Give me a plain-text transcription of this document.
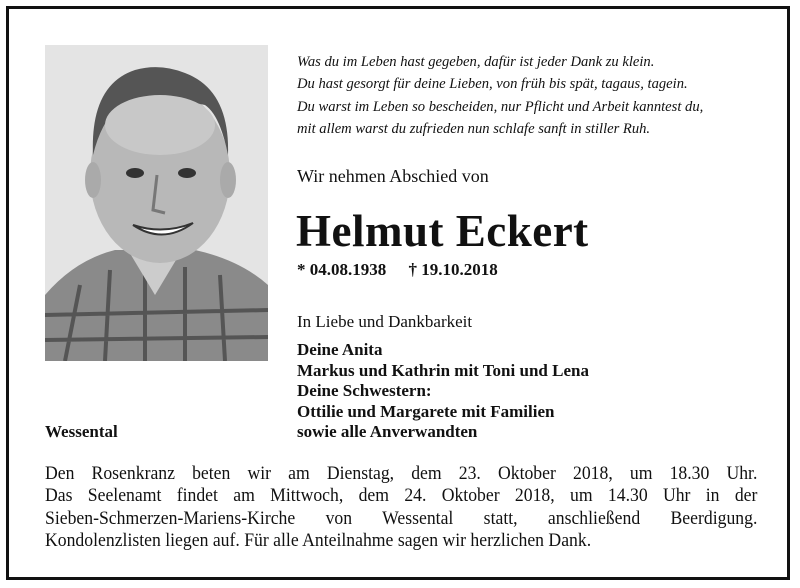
Was du im Leben hast gegeben, dafür ist jeder Dank zu klein.
Du hast gesorgt für deine Lieben, von früh bis spät, tagaus, tagein.
Du warst im Leben so bescheiden, nur Pflicht und Arbeit kanntest du,
mit allem warst du zufrieden nun schlafe sanft in stiller Ruh.
Wir nehmen Abschied von
Helmut Eckert
* 04.08.1938 † 19.10.2018
In Liebe und Dankbarkeit
Deine Anita
Markus und Kathrin mit Toni und Lena
Deine Schwestern:
Ottilie und Margarete mit Familien
sowie alle Anverwandten
Wessental
Den Rosenkranz beten wir am Dienstag, dem 23. Oktober 2018, um 18.30 Uhr.
Das Seelenamt findet am Mittwoch, dem 24. Oktober 2018, um 14.30 Uhr in der
Sieben-Schmerzen-Mariens-Kirche von Wessental statt, anschließend Beerdigung.
Kondolenzlisten liegen auf. Für alle Anteilnahme sagen wir herzlichen Dank.
